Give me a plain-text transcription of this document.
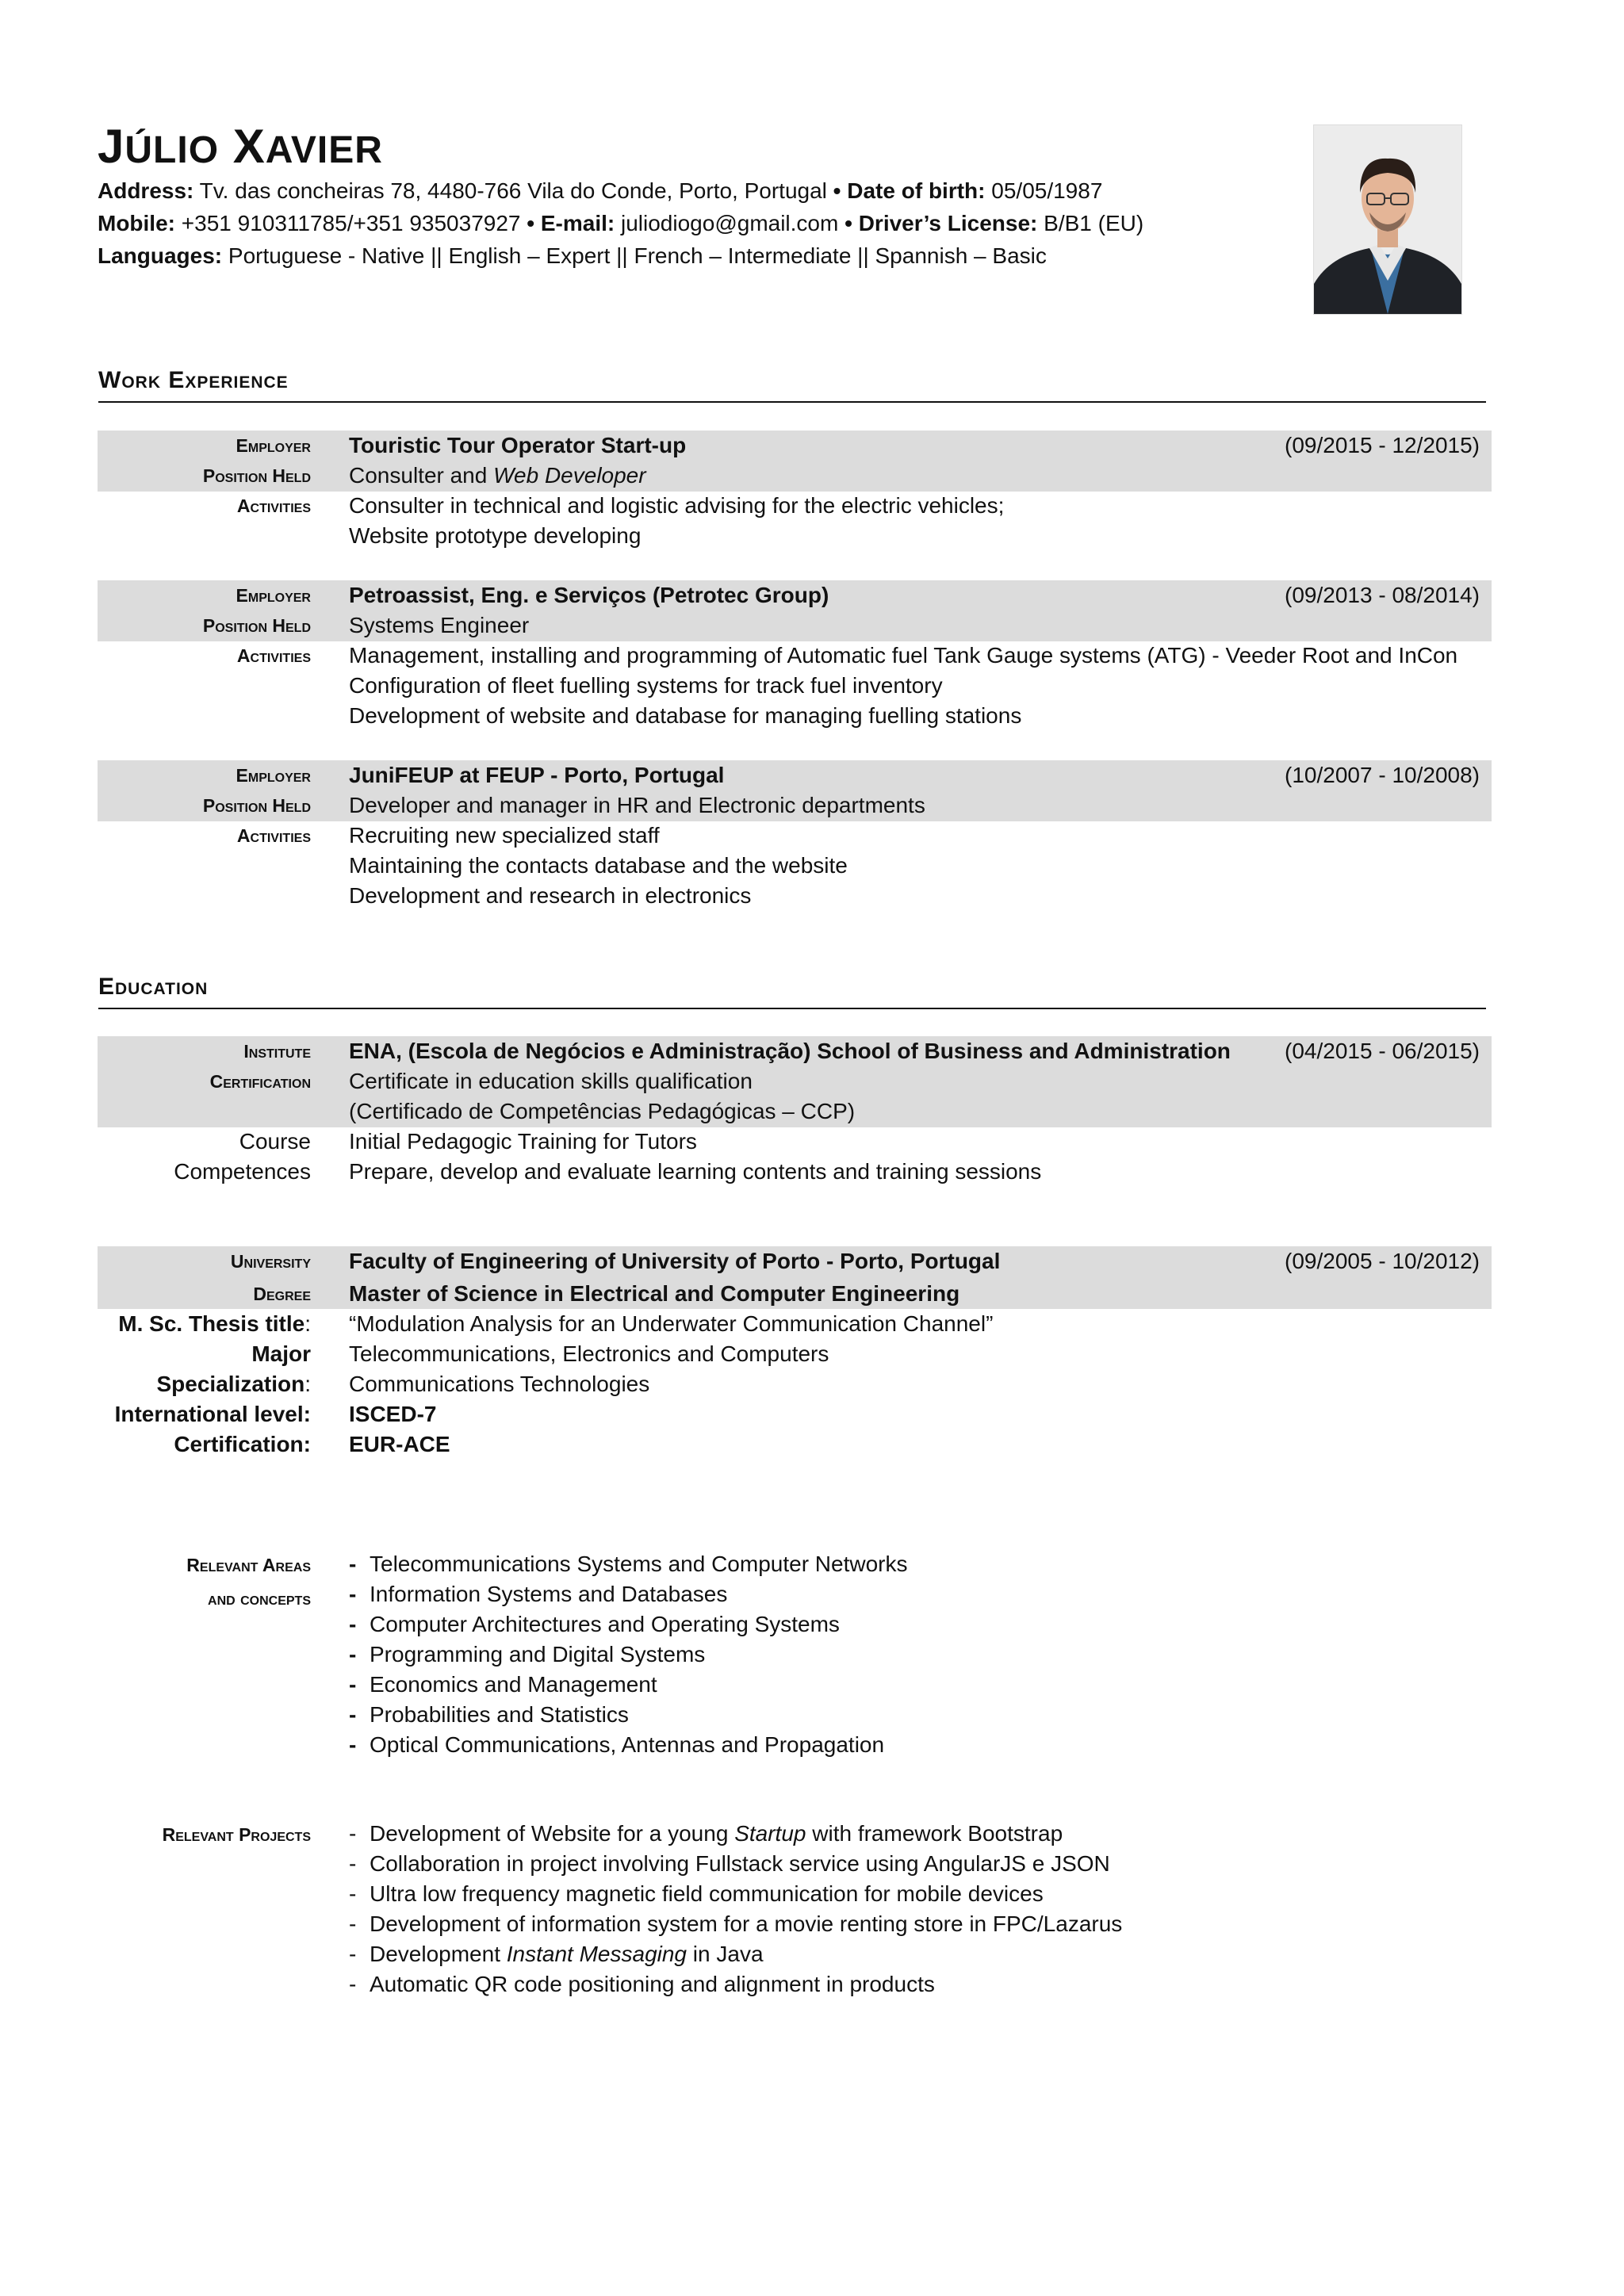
JÚLIO XAVIER
Address: Tv. das concheiras 78, 4480-766 Vila do Conde, Porto, Portugal • Date of birth: 05/05/1987
Mobile: +351 910311785/+351 935037927 • E-mail: juliodiogo@gmail.com • Driver’s License: B/B1 (EU)
Languages: Portuguese - Native || English – Expert || French – Intermediate || Spannish – Basic
Work Experience
Employer Touristic Tour Operator Start-up	(09/2015 - 12/2015)
Position Held Consulter and Web Developer
Activities Consulter in technical and logistic advising for the electric vehicles;
Website prototype developing
Employer Petroassist, Eng. e Serviços (Petrotec Group)	(09/2013 - 08/2014)
Position Held Systems Engineer
Activities Management, installing and programming of Automatic fuel Tank Gauge systems (ATG) - Veeder Root and InCon
Configuration of fleet fuelling systems for track fuel inventory
Development of website and database for managing fuelling stations
Employer JuniFEUP at FEUP - Porto, Portugal	(10/2007 - 10/2008)
Position Held Developer and manager in HR and Electronic departments
Activities Recruiting new specialized staff
Maintaining the contacts database and the website
Development and research in electronics
Education
Institute ENA, (Escola de Negócios e Administração) School of Business and Administration (04/2015 - 06/2015)
Certification Certificate in education skills qualification
(Certificado de Competências Pedagógicas – CCP)
Course Initial Pedagogic Training for Tutors
Competences Prepare, develop and evaluate learning contents and training sessions
University Faculty of Engineering of University of Porto - Porto, Portugal	(09/2005 - 10/2012)
Degree Master of Science in Electrical and Computer Engineering
M. Sc. Thesis title: “Modulation Analysis for an Underwater Communication Channel”
Major Telecommunications, Electronics and Computers
Specialization: Communications Technologies
International level: ISCED-7
Certification: EUR-ACE
Relevant Areas
and concepts
- Telecommunications Systems and Computer Networks
- Information Systems and Databases
- Computer Architectures and Operating Systems
- Programming and Digital Systems
- Economics and Management
- Probabilities and Statistics
- Optical Communications, Antennas and Propagation
Relevant Projects - Development of Website for a young Startup with framework Bootstrap
- Collaboration in project involving Fullstack service using AngularJS e JSON
- Ultra low frequency magnetic field communication for mobile devices
- Development of information system for a movie renting store in FPC/Lazarus
- Development Instant Messaging in Java
- Automatic QR code positioning and alignment in products
